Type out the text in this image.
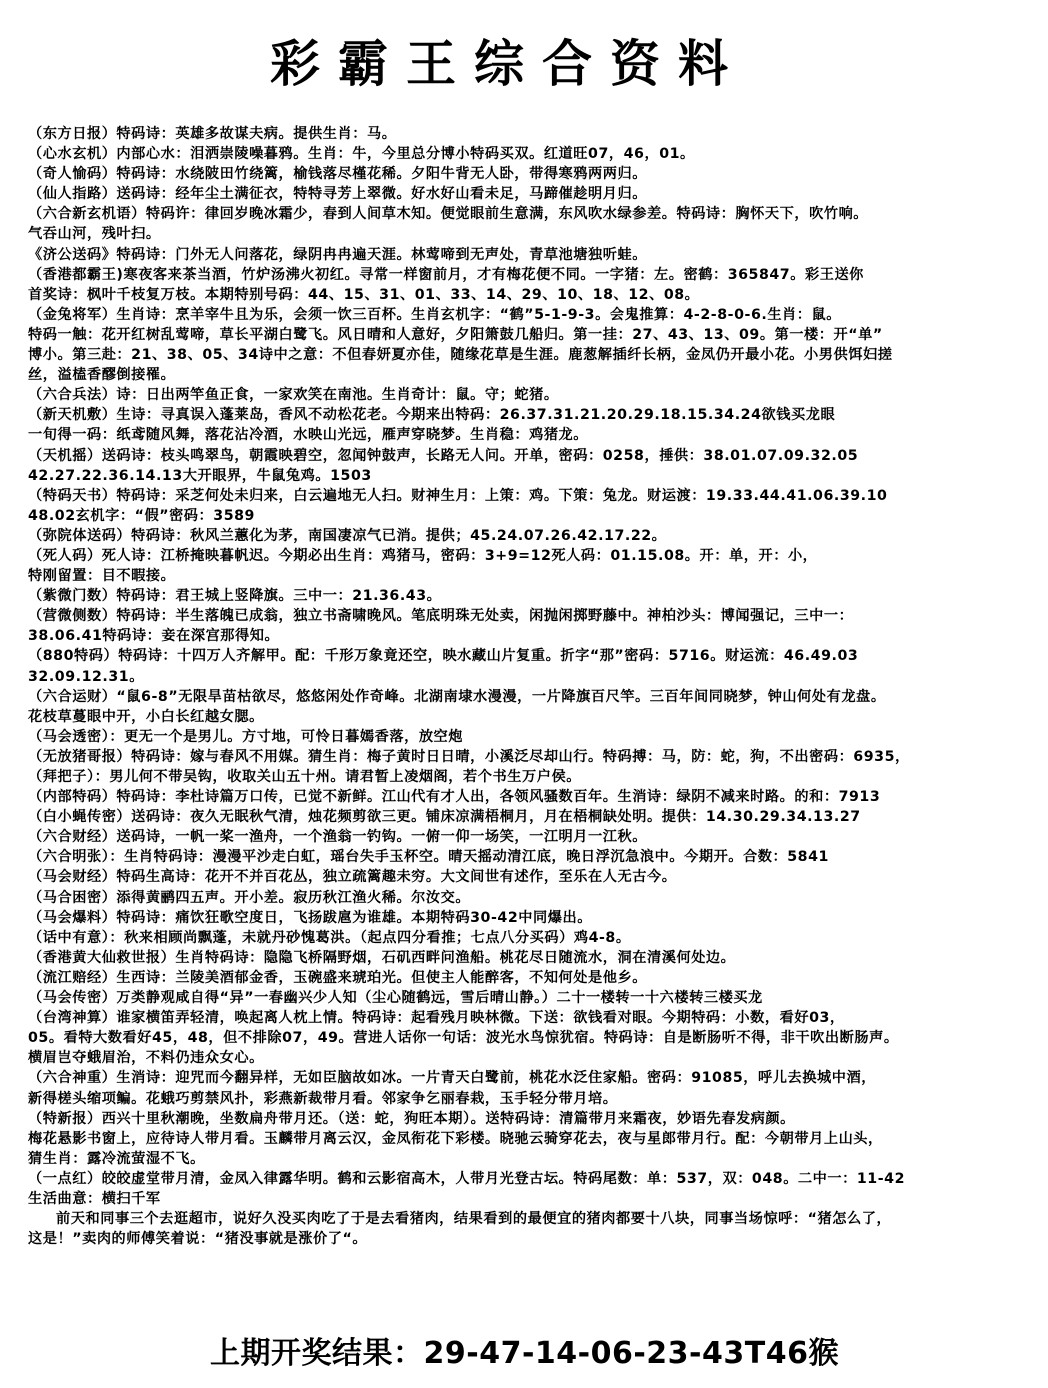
彩霸王综合资料
（东方日报）特码诗：英雄多故谋夫病。提供生肖：马。
（心水玄机）内部心水：泪洒崇陵噪暮鸦。生肖：牛，今里总分博小特码买双。红道旺07，46，01。
（奇人愉码）特码诗：水绕陂田竹绕篱，榆钱落尽槿花稀。夕阳牛背无人卧，带得寒鸦两两归。
（仙人指路）送码诗：经年尘土满征衣，特特寻芳上翠微。好水好山看未足，马蹄催趁明月归。
（六合新玄机语）特码许：律回岁晚冰霜少，春到人间草木知。便觉眼前生意满，东风吹水绿参差。特码诗：胸怀天下，吹竹响。
气吞山河，残叶扫。
《济公送码》特码诗：门外无人问落花，绿阴冉冉遍天涯。林莺啼到无声处，青草池塘独听蛙。
（香港都霸王)寒夜客来茶当酒，竹炉汤沸火初红。寻常一样窗前月，才有梅花便不同。一字猪：左。密鹤：365847。彩王送你
首奖诗：枫叶千枝复万枝。本期特别号码：44、15、31、01、33、14、29、10、18、12、08。
（金兔将军）生肖诗：烹羊宰牛且为乐，会须一饮三百杯。生肖玄机字：“鹤”5-1-9-3。会鬼推算：4-2-8-0-6.生肖：鼠。
特码一触：花开红树乱莺啼，草长平湖白鹭飞。风日晴和人意好，夕阳箫鼓几船归。第一挂：27、43、13、09。第一楼：开“单”
博小。第三赴：21、38、05、34诗中之意：不但春妍夏亦佳，随缘花草是生涯。鹿葱解插纤长柄，金凤仍开最小花。小男供饵妇搓
丝，溢榼香醪倒接罹。
（六合兵法）诗：日出两竿鱼正食，一家欢笑在南池。生肖奇计：鼠。守；蛇猪。
（新天机敷）生诗：寻真误入蓬莱岛，香风不动松花老。今期来出特码：26.37.31.21.20.29.18.15.34.24欲钱买龙眼
一旬得一码：纸鸢随风舞，落花沾冷酒，水映山光远，雁声穿晓梦。生肖稳：鸡猪龙。
（天机摇）送码诗：枝头鸣翠鸟，朝霞映碧空，忽闻钟鼓声，长路无人问。开单，密码：0258，捶供：38.01.07.09.32.05
42.27.22.36.14.13大开眼界，牛鼠兔鸡。1503
（特码天书）特码诗：采芝何处未归来，白云遍地无人扫。财神生月：上策：鸡。下策：兔龙。财运渡：19.33.44.41.06.39.10
48.02玄机字：“假”密码：3589
（弥院体送码）特码诗：秋风兰蕙化为茅，南国凄凉气已消。提供；45.24.07.26.42.17.22。
（死人码）死人诗：江桥掩映暮帆迟。今期必出生肖：鸡猪马，密码：3+9=12死人码：01.15.08。开：单，开：小，
特刚留置：目不暇接。
（紫微门数）特码诗：君王城上竖降旗。三中一：21.36.43。
（营微侧数）特码诗：半生落魄已成翁，独立书斋啸晚风。笔底明珠无处卖，闲抛闲掷野藤中。神柏沙头：博闻强记，三中一：
38.06.41特码诗：妾在深宫那得知。
（880特码）特码诗：十四万人齐解甲。配：千形万象竟还空，映水藏山片复重。折字“那”密码：5716。财运流：46.49.03
32.09.12.31。
（六合运财）“鼠6-8”无限旱苗枯欲尽，悠悠闲处作奇峰。北湖南埭水漫漫，一片降旗百尺竿。三百年间同晓梦，钟山何处有龙盘。
花枝草蔓眼中开，小白长红越女腮。
（马会透密）：更无一个是男儿。方寸地，可怜日暮嫣香落，放空炮
（无放猪哥报）特码诗：嫁与春风不用媒。猜生肖：梅子黄时日日晴，小溪泛尽却山行。特码搏：马，防：蛇，狗，不出密码：6935，
（拜把子）：男儿何不带吴钩，收取关山五十州。请君暂上凌烟阁，若个书生万户侯。
（内部特码）特码诗：李杜诗篇万口传，已觉不新鲜。江山代有才人出，各领风骚数百年。生消诗：绿阴不减来时路。的和：7913
（白小蝇传密）送码诗：夜久无眠秋气清，烛花频剪欲三更。铺床凉满梧桐月，月在梧桐缺处明。提供：14.30.29.34.13.27
（六合财经）送码诗，一帆一桨一渔舟，一个渔翁一钓钩。一俯一仰一场笑，一江明月一江秋。
（六合明张）：生肖特码诗：漫漫平沙走白虹，瑶台失手玉杯空。晴天摇动清江底，晚日浮沉急浪中。今期开。合数：5841
（马会财经）特码生高诗：花开不并百花丛，独立疏篱趣未穷。大文间世有述作，至乐在人无古今。
（马合困密）添得黄鹂四五声。开小差。寂历秋江渔火稀。尔汝交。
（马会爆料）特码诗：痛饮狂歌空度日，飞扬跋扈为谁雄。本期特码30-42中同爆出。
（话中有意）：秋来相顾尚飘蓬，未就丹砂愧葛洪。（起点四分看推；七点八分买码）鸡4-8。
（香港黄大仙救世报）生肖特码诗：隐隐飞桥隔野烟，石矶西畔问渔船。桃花尽日随流水，洞在清溪何处边。
（流江赔经）生西诗：兰陵美酒郁金香，玉碗盛来琥珀光。但使主人能醉客，不知何处是他乡。
（马会传密）万类静观咸自得“异”一春幽兴少人知（尘心随鹤远，雪后晴山静。）二十一楼转一十六楼转三楼买龙
（台湾神算）谁家横笛弄轻清，唤起离人枕上情。特码诗：起看残月映林微。下送：欲钱看对眼。今期特码：小数，看好03，
05。看特大数看好45，48，但不排除07，49。营进人话你一句话：波光水鸟惊犹宿。特码诗：自是断肠听不得，非干吹出断肠声。
横眉岂夺蛾眉治，不料仍违众女心。
（六合神重）生消诗：迎咒而今翻异样，无如臣脑故如冰。一片青天白鹭前，桃花水泛住家船。密码：91085，呼儿去换城中酒，
新得槎头缩项鳊。花蛾巧剪禁风扑，彩燕新裁带月看。邻家争乞丽春栽，玉手轻分带月培。
（特新报）西兴十里秋潮晚，坐数扁舟带月还。（送：蛇，狗旺本期）。送特码诗：清篇带月来霜夜，妙语先春发病颜。
梅花悬影书窗上，应待诗人带月看。玉麟带月离云汉，金凤衔花下彩楼。晓驰云骑穿花去，夜与星郎带月行。配：今朝带月上山头，
猜生肖：露冷流萤湿不飞。
（一点红）皎皎虚堂带月清，金凤入律露华明。鹤和云影宿高木，人带月光登古坛。特码尾数：单：537，双：048。二中一：11-42
生活曲意：横扫千军
前天和同事三个去逛超市，说好久没买肉吃了于是去看猪肉，结果看到的最便宜的猪肉都要十八块，同事当场惊呼：“猪怎么了，
这是！”卖肉的师傅笑着说：“猪没事就是涨价了“。
上期开奖结果：29-47-14-06-23-43T46猴
